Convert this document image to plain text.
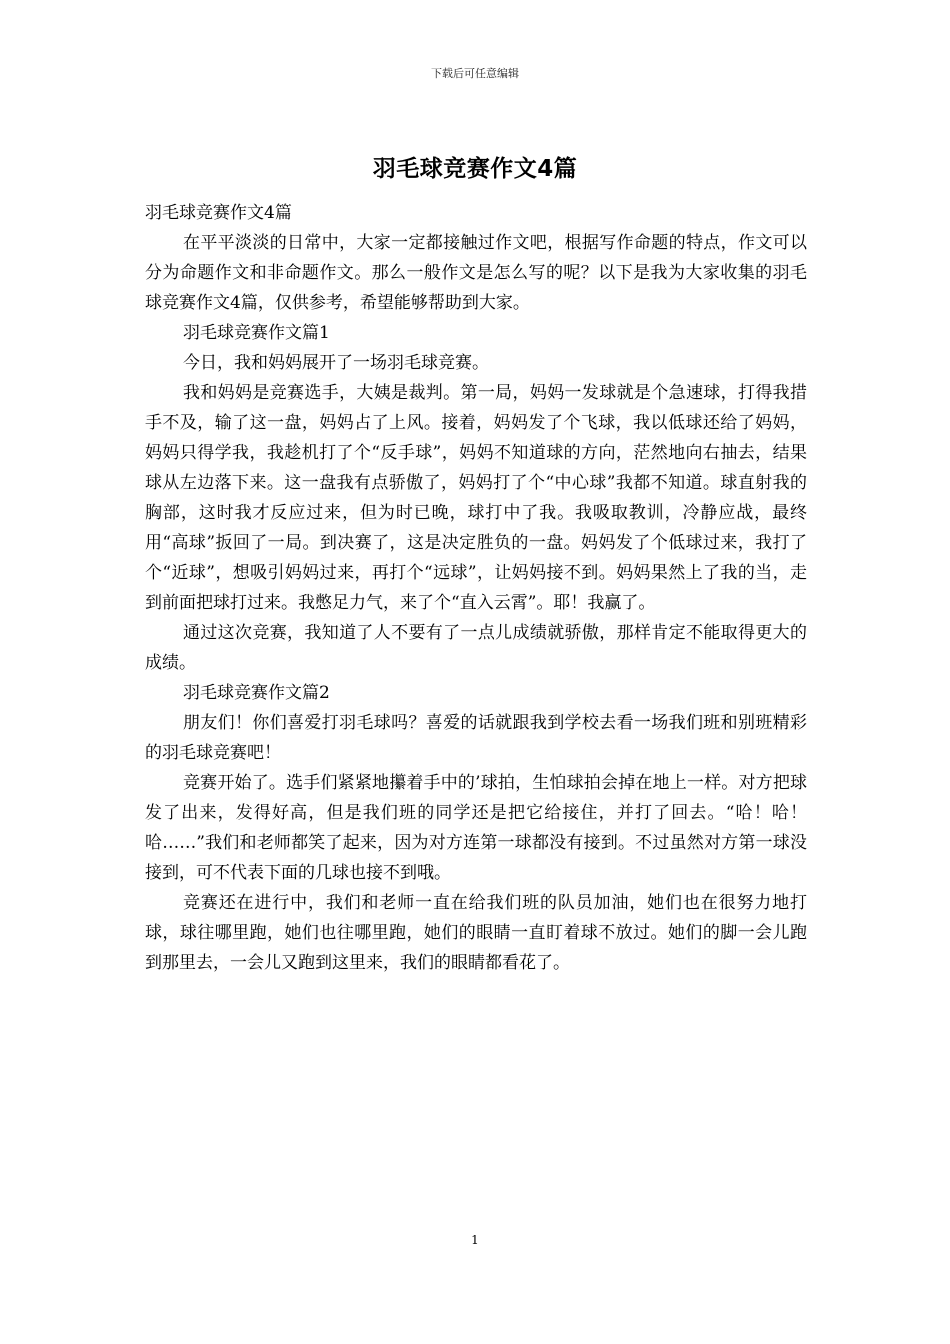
下载后可任意编辑
羽毛球竞赛作文4篇

羽毛球竞赛作文4篇

在平平淡淡的日常中，大家一定都接触过作文吧，根据写作命题的特点，作文可以分为命题作文和非命题作文。那么一般作文是怎么写的呢？以下是我为大家收集的羽毛球竞赛作文4篇，仅供参考，希望能够帮助到大家。

羽毛球竞赛作文篇1

今日，我和妈妈展开了一场羽毛球竞赛。

我和妈妈是竞赛选手，大姨是裁判。第一局，妈妈一发球就是个急速球，打得我措手不及，输了这一盘，妈妈占了上风。接着，妈妈发了个飞球，我以低球还给了妈妈，妈妈只得学我，我趁机打了个“反手球”，妈妈不知道球的方向，茫然地向右抽去，结果球从左边落下来。这一盘我有点骄傲了，妈妈打了个“中心球”我都不知道。球直射我的胸部，这时我才反应过来，但为时已晚，球打中了我。我吸取教训，冷静应战，最终用“高球”扳回了一局。到决赛了，这是决定胜负的一盘。妈妈发了个低球过来，我打了个“近球”，想吸引妈妈过来，再打个“远球”，让妈妈接不到。妈妈果然上了我的当，走到前面把球打过来。我憋足力气，来了个“直入云霄”。耶！我赢了。

通过这次竞赛，我知道了人不要有了一点儿成绩就骄傲，那样肯定不能取得更大的成绩。

羽毛球竞赛作文篇2

朋友们！你们喜爱打羽毛球吗？喜爱的话就跟我到学校去看一场我们班和别班精彩的羽毛球竞赛吧！

竞赛开始了。选手们紧紧地攥着手中的’球拍，生怕球拍会掉在地上一样。对方把球发了出来，发得好高，但是我们班的同学还是把它给接住，并打了回去。“哈！哈！哈……”我们和老师都笑了起来，因为对方连第一球都没有接到。不过虽然对方第一球没接到，可不代表下面的几球也接不到哦。

竞赛还在进行中，我们和老师一直在给我们班的队员加油，她们也在很努力地打球，球往哪里跑，她们也往哪里跑，她们的眼睛一直盯着球不放过。她们的脚一会儿跑到那里去，一会儿又跑到这里来，我们的眼睛都看花了。

1
